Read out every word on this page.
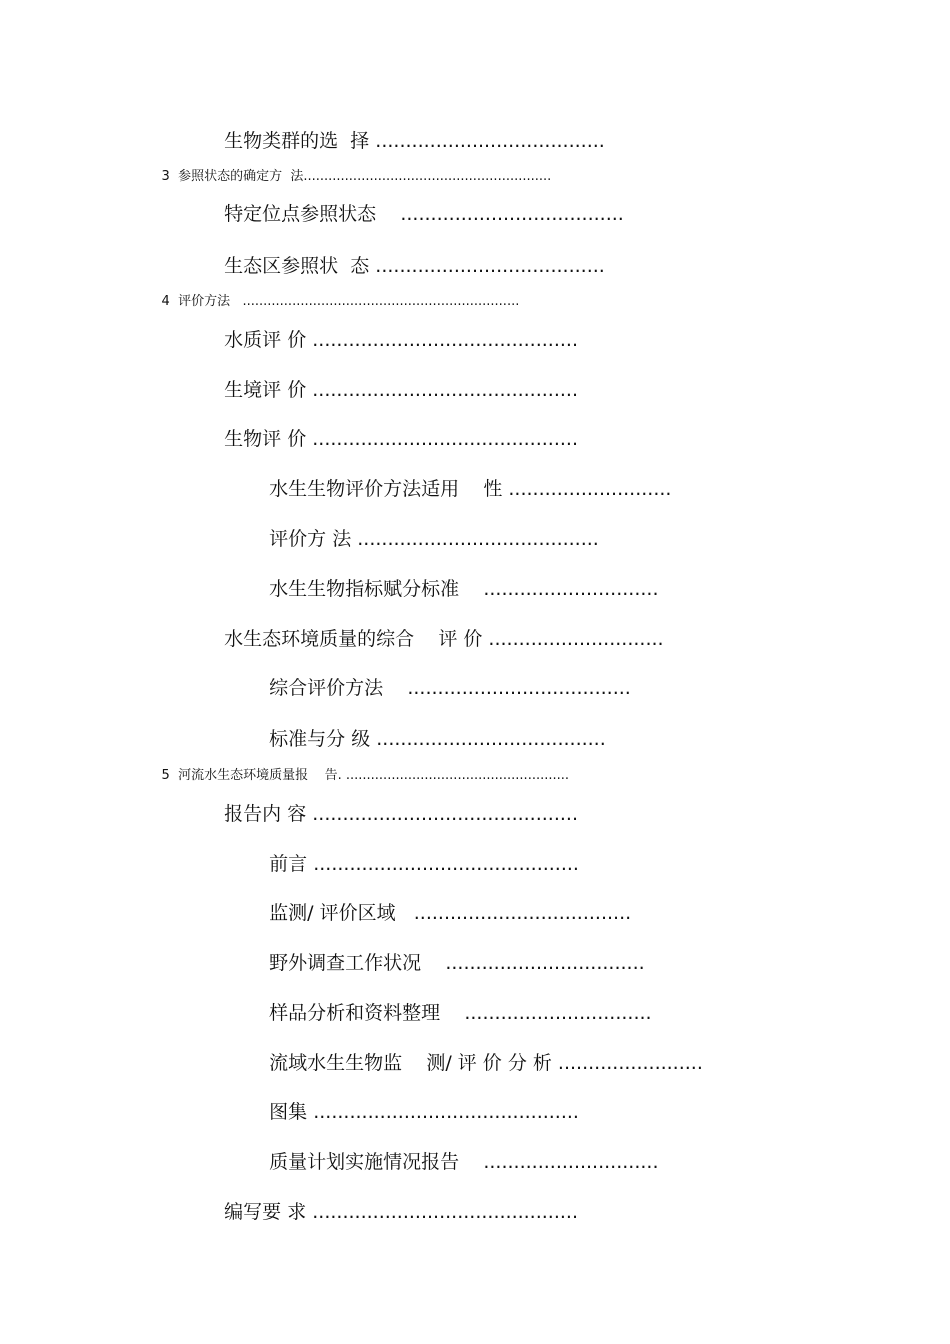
生物类群的选  择 ......................................

3  参照状态的确定方  法............................................................

特定位点参照状态    .....................................

生态区参照状  态 ......................................

4  评价方法   ...................................................................

水质评 价 ............................................

生境评 价 ............................................

生物评 价 ............................................

水生生物评价方法适用    性 ...........................

评价方 法 ........................................

水生生物指标赋分标准    .............................

水生态环境质量的综合    评 价 .............................

综合评价方法    .....................................

标准与分 级 ......................................

5  河流水生态环境质量报    告. ......................................................

报告内 容 ............................................

前言 ............................................

监测/ 评价区域   ....................................

野外调查工作状况    .................................

样品分析和资料整理    ...............................

流域水生生物监    测/ 评 价 分 析 ........................

图集 ............................................

质量计划实施情况报告    .............................

编写要 求 ............................................
